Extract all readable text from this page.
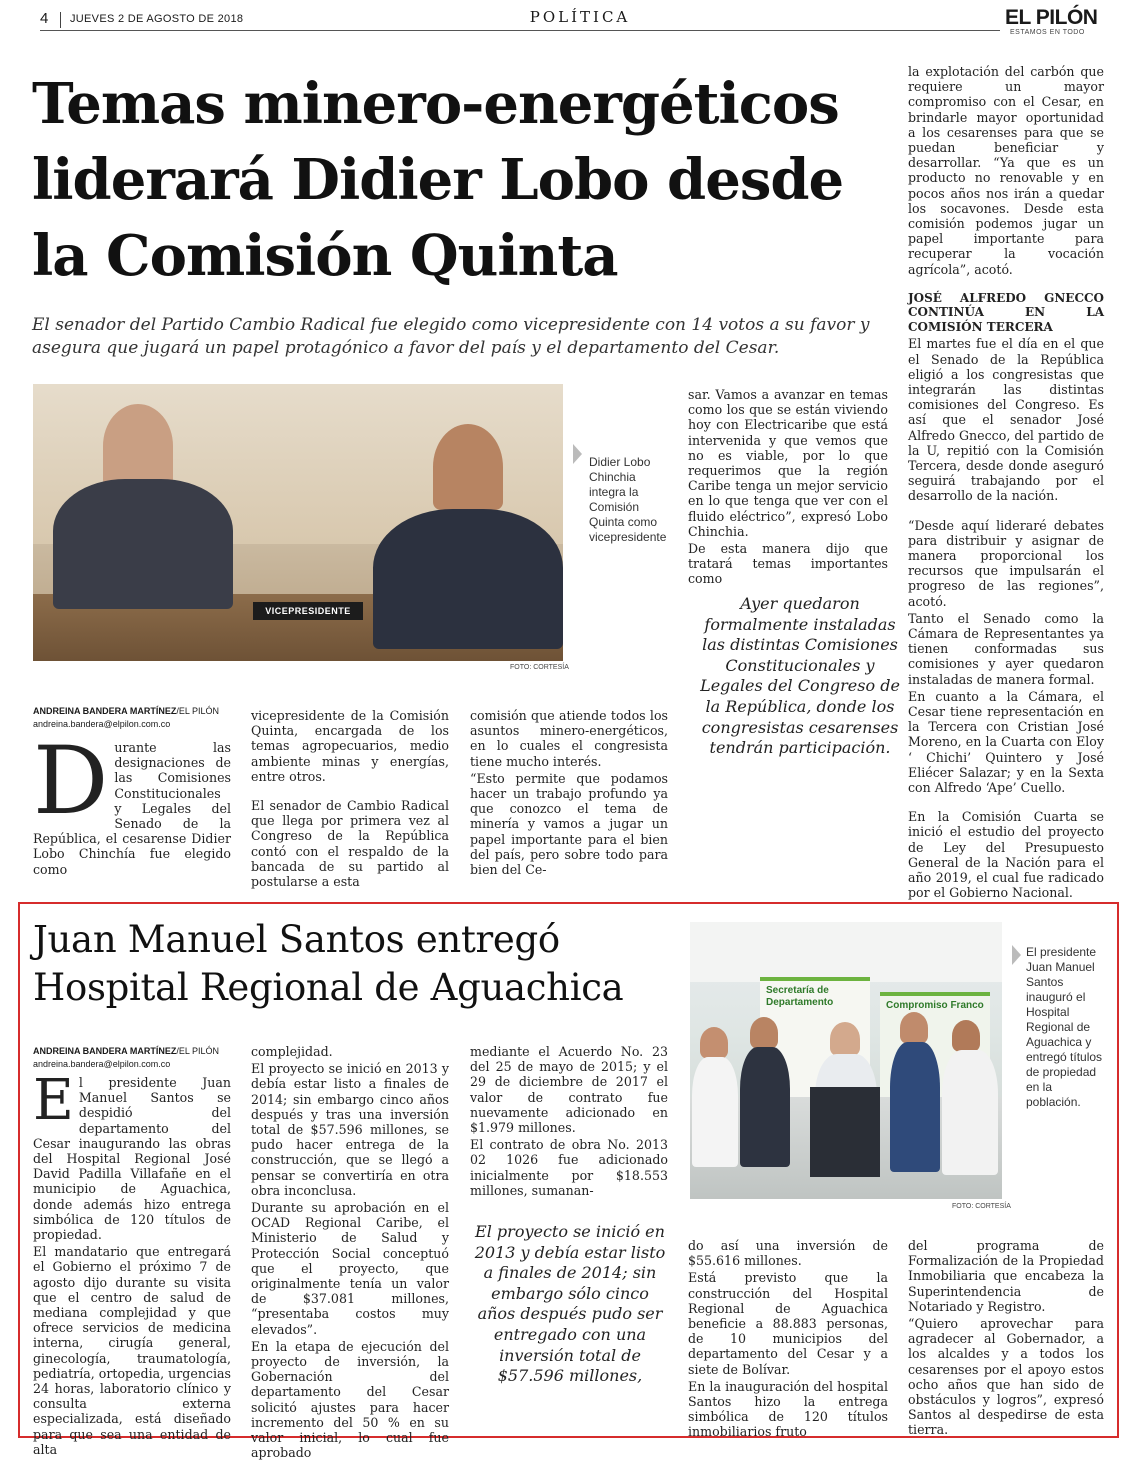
4 JUEVES 2 DE AGOSTO DE 2018	POLÍTICA	EL PILÓN
ESTAMOS EN TODO
Temas minero-energéticos liderará Didier Lobo desde la Comisión Quinta
El senador del Partido Cambio Radical fue elegido como vicepresidente con 14 votos a su favor y asegura que jugará un papel protagónico a favor del país y el departamento del Cesar.
VICEPRESIDENTE
FOTO: CORTESÍA
Didier Lobo Chinchia integra la Comisión Quinta como vicepresidente

sar. Vamos a avanzar en temas como los que se están viviendo hoy con Electricaribe que está intervenida y que vemos que no es viable, por lo que requerimos que la región Caribe tenga un mejor servicio en lo que tenga que ver con el fluido eléctrico”, expresó Lobo Chinchia.

De esta manera dijo que tratará temas importantes como

Ayer quedaron formalmente instaladas las distintas Comisiones Constitucionales y Legales del Congreso de la República, donde los congresistas cesarenses tendrán participación.

la explotación del carbón que requiere un mayor compromiso con el Cesar, en brindarle mayor oportunidad a los cesarenses para que se puedan beneficiar y desarrollar. “Ya que es un producto no renovable y en pocos años nos irán a quedar los socavones. Desde esta comisión podemos jugar un papel importante para recuperar la vocación agrícola”, acotó.

JOSÉ ALFREDO GNECCO CONTINÚA EN LA COMISIÓN TERCERA

El martes fue el día en el que el Senado de la República eligió a los congresistas que integrarán las distintas comisiones del Congreso. Es así que el senador José Alfredo Gnecco, del partido de la U, repitió con la Comisión Tercera, desde donde aseguró seguirá trabajando por el desarrollo de la nación.

“Desde aquí lideraré debates para distribuir y asignar de manera proporcional los recursos que impulsarán el progreso de las regiones”, acotó.

Tanto el Senado como la Cámara de Representantes ya tienen conformadas sus comisiones y ayer quedaron instaladas de manera formal.

En cuanto a la Cámara, el Cesar tiene representación en la Tercera con Cristian José Moreno, en la Cuarta con Eloy ‘ Chichi’ Quintero y José Eliécer Salazar; y en la Sexta con Alfredo ‘Ape’ Cuello.

En la Comisión Cuarta se inició el estudio del proyecto de Ley del Presupuesto General de la Nación para el año 2019, el cual fue radicado por el Gobierno Nacional.

ANDREINA BANDERA MARTÍNEZ/EL PILÓN
andreina.bandera@elpilon.com.co
Durante las designaciones de las Comisiones Constitucionales y Legales del Senado de la República, el cesarense Didier Lobo Chinchía fue elegido como

vicepresidente de la Comisión Quinta, encargada de los temas agropecuarios, medio ambiente minas y energías, entre otros.

El senador de Cambio Radical que llega por primera vez al Congreso de la República contó con el respaldo de la bancada de su partido al postularse a esta

comisión que atiende todos los asuntos minero-energéticos, en lo cuales el congresista tiene mucho interés.

“Esto permite que podamos hacer un trabajo profundo ya que conozco el tema de minería y vamos a jugar un papel importante para el bien del país, pero sobre todo para bien del Ce-

Juan Manuel Santos entregó Hospital Regional de Aguachica
ANDREINA BANDERA MARTÍNEZ/EL PILÓN
andreina.bandera@elpilon.com.co

El presidente Juan Manuel Santos se despidió del departamento del Cesar inaugurando las obras del Hospital Regional José David Padilla Villafañe en el municipio de Aguachica, donde además hizo entrega simbólica de 120 títulos de propiedad.

El mandatario que entregará el Gobierno el próximo 7 de agosto dijo durante su visita que el centro de salud de mediana complejidad y que ofrece servicios de medicina interna, cirugía general, ginecología, traumatología, pediatría, ortopedia, urgencias 24 horas, laboratorio clínico y consulta externa especializada, está diseñado para que sea una entidad de alta

complejidad.

El proyecto se inició en 2013 y debía estar listo a finales de 2014; sin embargo cinco años después y tras una inversión total de $57.596 millones, se pudo hacer entrega de la construcción, que se llegó a pensar se convertiría en otra obra inconclusa.

Durante su aprobación en el OCAD Regional Caribe, el Ministerio de Salud y Protección Social conceptuó que el proyecto, que originalmente tenía un valor de $37.081 millones, “presentaba costos muy elevados”.

En la etapa de ejecución del proyecto de inversión, la Gobernación del departamento del Cesar solicitó ajustes para hacer incremento del 50 % en su valor inicial, lo cual fue aprobado

mediante el Acuerdo No. 23 del 25 de mayo de 2015; y el 29 de diciembre de 2017 el valor de contrato fue nuevamente adicionado en $1.979 millones.

El contrato de obra No. 2013 02 1026 fue adicionado inicialmente por $18.553 millones, sumanan-

El proyecto se inició en 2013 y debía estar listo a finales de 2014; sin embargo sólo cinco años después pudo ser entregado con una inversión total de $57.596 millones,
Secretaría de Departamento	Compromiso Franco
FOTO: CORTESÍA
El presidente Juan Manuel Santos inauguró el Hospital Regional de Aguachica y entregó títulos de propiedad en la población.

do así una inversión de $55.616 millones.

Está previsto que la construcción del Hospital Regional de Aguachica beneficie a 88.883 personas, de 10 municipios del departamento del Cesar y a siete de Bolívar.

En la inauguración del hospital Santos hizo la entrega simbólica de 120 títulos inmobiliarios fruto

del programa de Formalización de la Propiedad Inmobiliaria que encabeza la Superintendencia de Notariado y Registro.

“Quiero aprovechar para agradecer al Gobernador, a los alcaldes y a todos los cesarenses por el apoyo estos ocho años que han sido de obstáculos y logros”, expresó Santos al despedirse de esta tierra.
